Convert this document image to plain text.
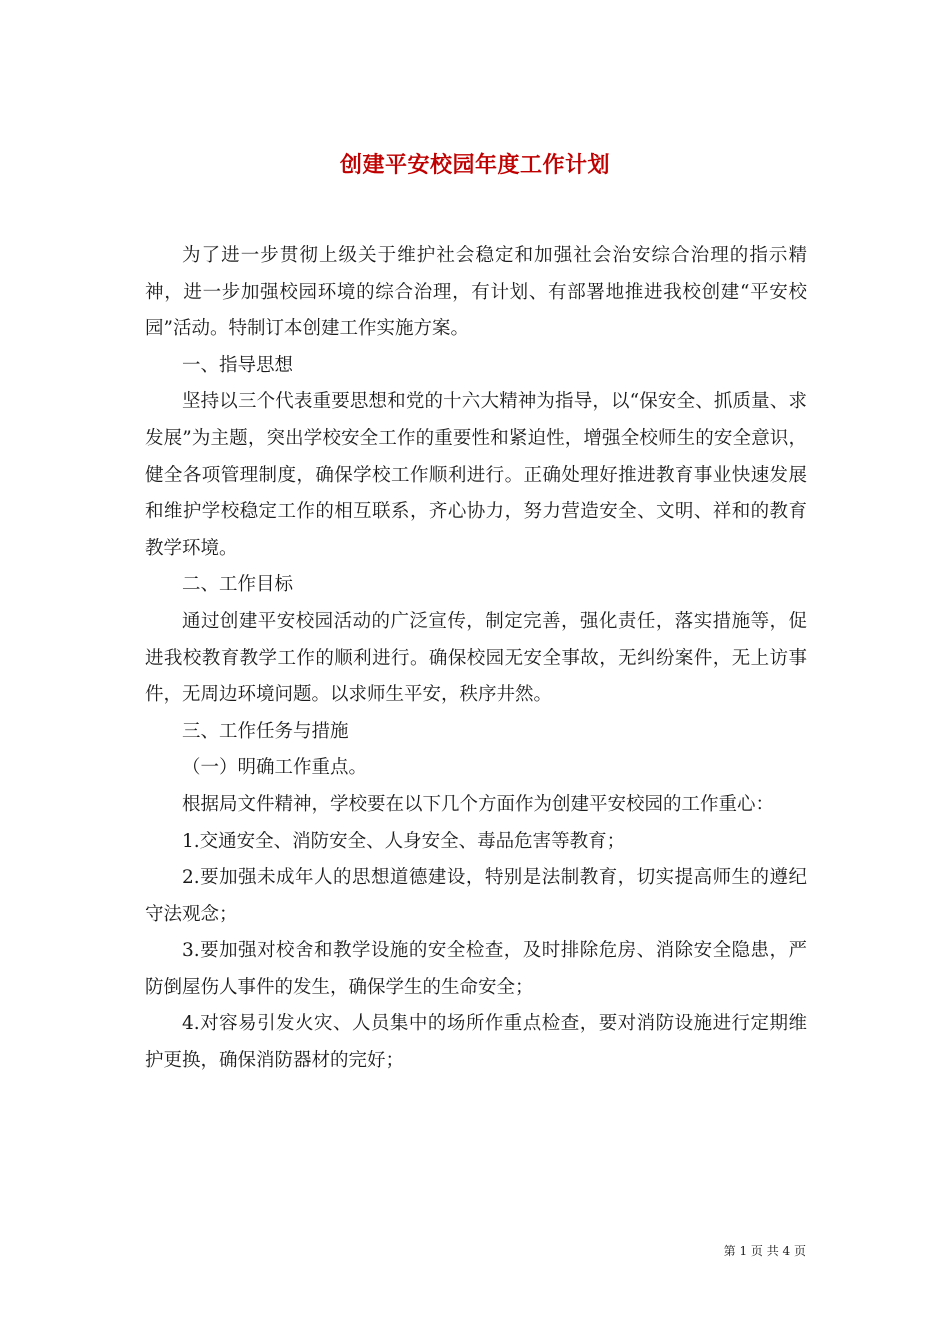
创建平安校园年度工作计划

为了进一步贯彻上级关于维护社会稳定和加强社会治安综合治理的指示精神，进一步加强校园环境的综合治理，有计划、有部署地推进我校创建“平安校园”活动。特制订本创建工作实施方案。

一、指导思想

坚持以三个代表重要思想和党的十六大精神为指导，以“保安全、抓质量、求发展”为主题，突出学校安全工作的重要性和紧迫性，增强全校师生的安全意识，健全各项管理制度，确保学校工作顺利进行。正确处理好推进教育事业快速发展和维护学校稳定工作的相互联系，齐心协力，努力营造安全、文明、祥和的教育教学环境。

二、工作目标

通过创建平安校园活动的广泛宣传，制定完善，强化责任，落实措施等，促进我校教育教学工作的顺利进行。确保校园无安全事故，无纠纷案件，无上访事件，无周边环境问题。以求师生平安，秩序井然。

三、工作任务与措施

（一）明确工作重点。

根据局文件精神，学校要在以下几个方面作为创建平安校园的工作重心：

1.交通安全、消防安全、人身安全、毒品危害等教育；

2.要加强未成年人的思想道德建设，特别是法制教育，切实提高师生的遵纪守法观念；

3.要加强对校舍和教学设施的安全检查，及时排除危房、消除安全隐患，严防倒屋伤人事件的发生，确保学生的生命安全；

4.对容易引发火灾、人员集中的场所作重点检查，要对消防设施进行定期维护更换，确保消防器材的完好；

第 1 页 共 4 页
